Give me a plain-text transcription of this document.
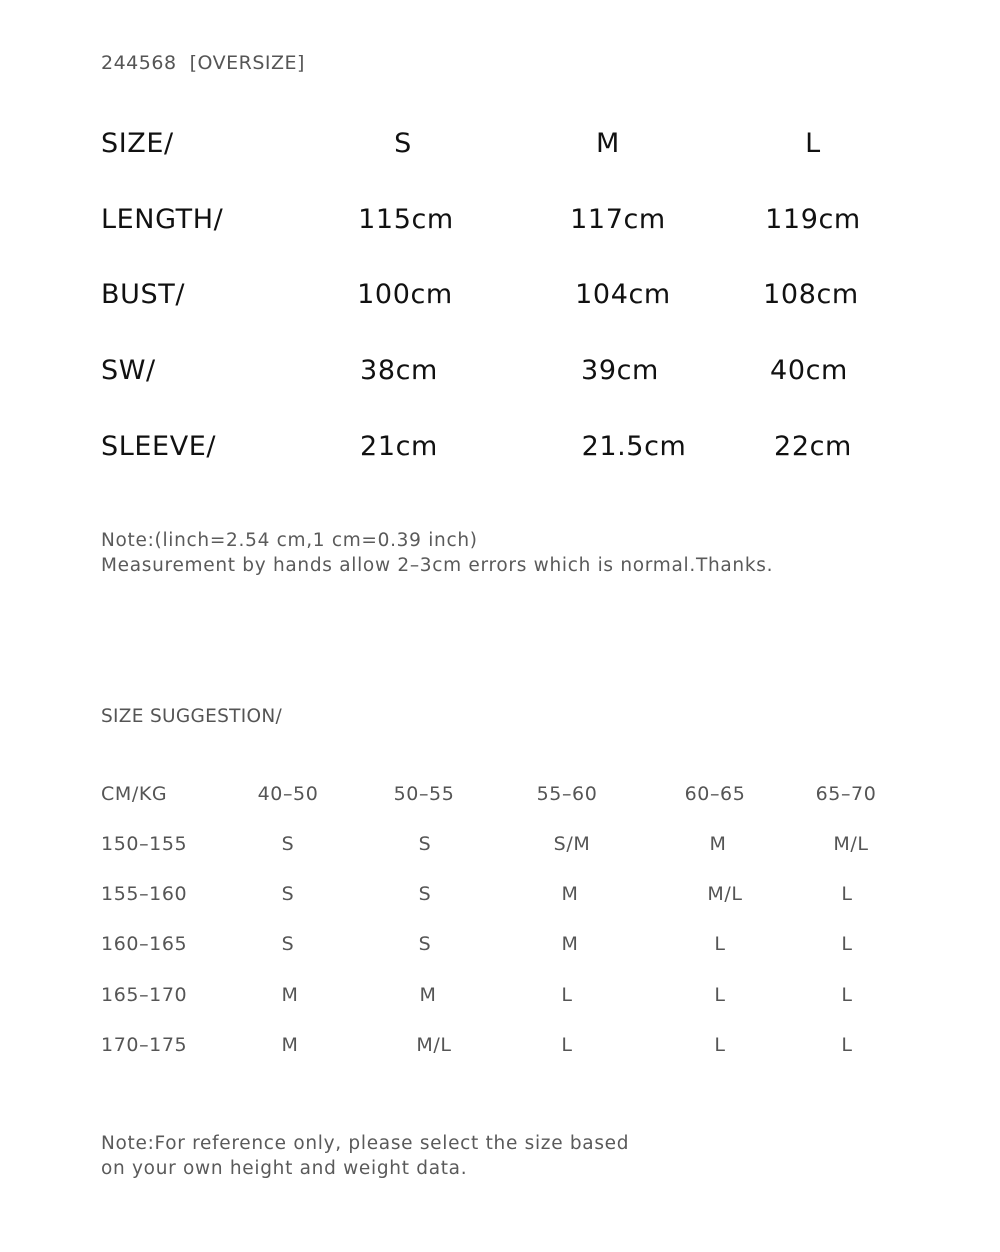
244568 [OVERSIZE]
SIZE/	S	M	L
LENGTH/	115cm	117cm	119cm
BUST/	100cm	104cm	108cm
SW/	38cm	39cm	40cm
SLEEVE/	21cm	21.5cm	22cm
Note:(linch=2.54 cm,1 cm=0.39 inch)
Measurement by hands allow 2–3cm errors which is normal.Thanks.
SIZE SUGGESTION/
CM/KG	40–50	50–55	55–60	60–65	65–70
150–155	S	S	S/M	M	M/L
155–160	S	S	M	M/L	L
160–165	S	S	M	L	L
165–170	M	M	L	L	L
170–175	M	M/L	L	L	L
Note:For reference only, please select the size based
on your own height and weight data.
